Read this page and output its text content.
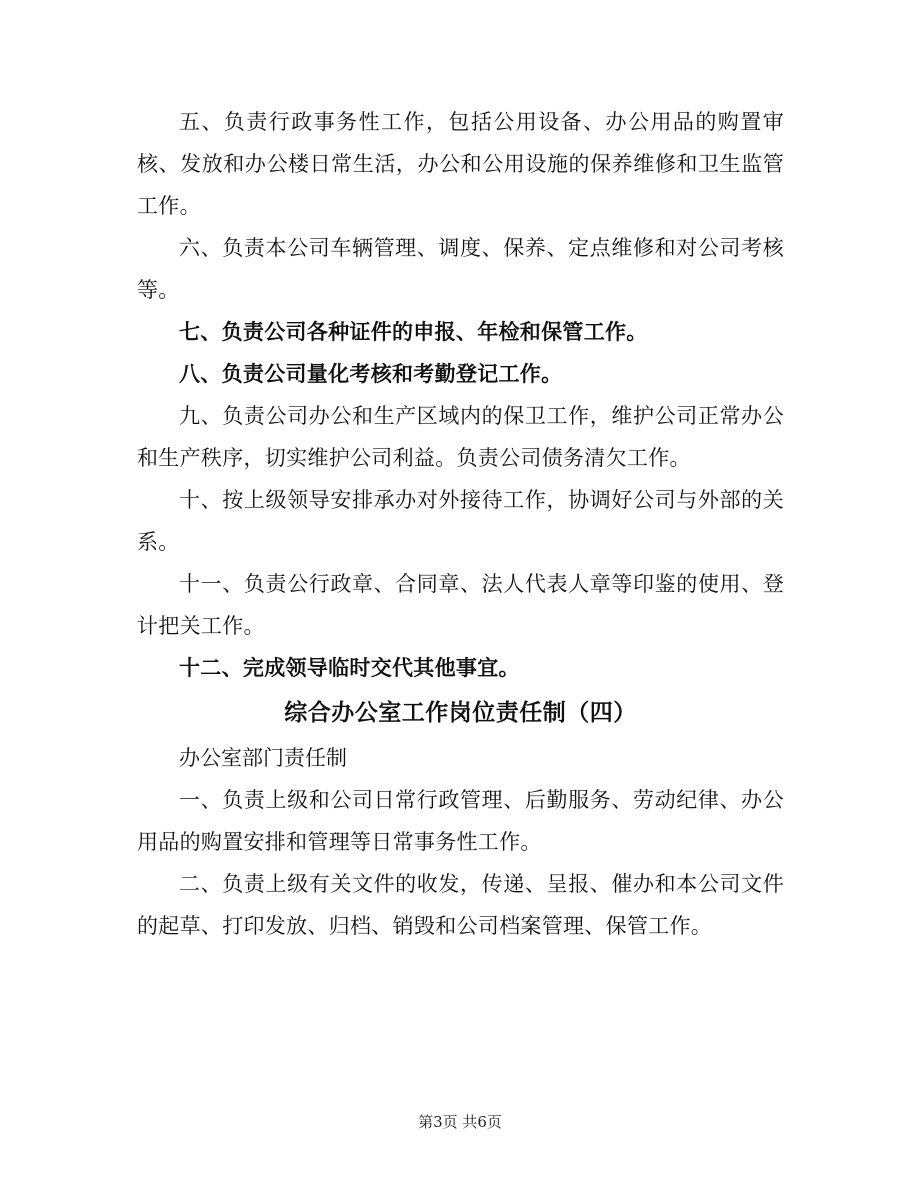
五、负责行政事务性工作，包括公用设备、办公用品的购置审核、发放和办公楼日常生活，办公和公用设施的保养维修和卫生监管工作。

六、负责本公司车辆管理、调度、保养、定点维修和对公司考核等。

七、负责公司各种证件的申报、年检和保管工作。

八、负责公司量化考核和考勤登记工作。

九、负责公司办公和生产区域内的保卫工作，维护公司正常办公和生产秩序，切实维护公司利益。负责公司债务清欠工作。

十、按上级领导安排承办对外接待工作，协调好公司与外部的关系。

十一、负责公行政章、合同章、法人代表人章等印鉴的使用、登计把关工作。

十二、完成领导临时交代其他事宜。

综合办公室工作岗位责任制（四）

办公室部门责任制

一、负责上级和公司日常行政管理、后勤服务、劳动纪律、办公用品的购置安排和管理等日常事务性工作。

二、负责上级有关文件的收发，传递、呈报、催办和本公司文件的起草、打印发放、归档、销毁和公司档案管理、保管工作。

第3页 共6页
